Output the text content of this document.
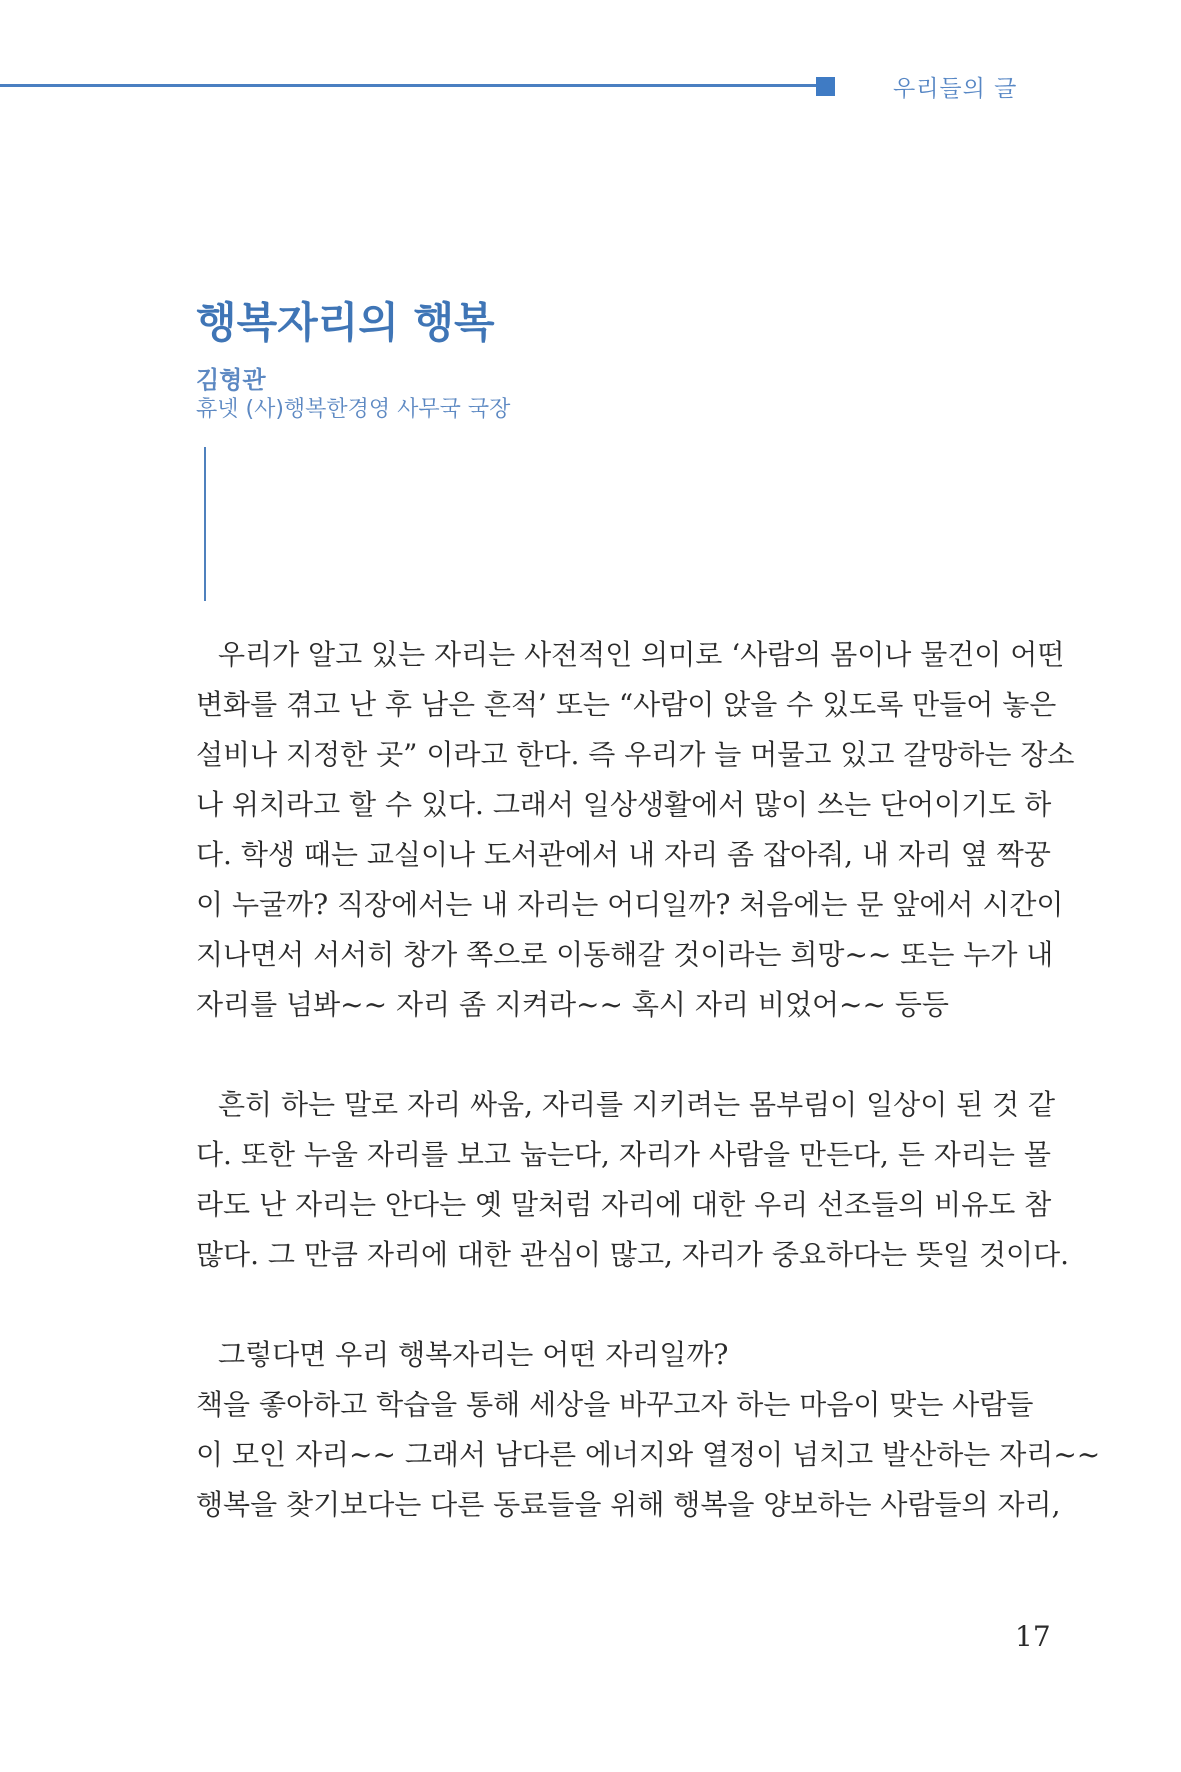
우리들의 글
행복자리의 행복
김형관
휴넷 (사)행복한경영 사무국 국장
우리가 알고 있는 자리는 사전적인 의미로 ‘사람의 몸이나 물건이 어떤
변화를 겪고 난 후 남은 흔적’ 또는 “사람이 앉을 수 있도록 만들어 놓은
설비나 지정한 곳” 이라고 한다. 즉 우리가 늘 머물고 있고 갈망하는 장소
나 위치라고 할 수 있다. 그래서 일상생활에서 많이 쓰는 단어이기도 하
다. 학생 때는 교실이나 도서관에서 내 자리 좀 잡아줘, 내 자리 옆 짝꿍
이 누굴까? 직장에서는 내 자리는 어디일까? 처음에는 문 앞에서 시간이
지나면서 서서히 창가 쪽으로 이동해갈 것이라는 희망~~ 또는 누가 내
자리를 넘봐~~ 자리 좀 지켜라~~ 혹시 자리 비었어~~ 등등
흔히 하는 말로 자리 싸움, 자리를 지키려는 몸부림이 일상이 된 것 같
다. 또한 누울 자리를 보고 눕는다, 자리가 사람을 만든다, 든 자리는 몰
라도 난 자리는 안다는 옛 말처럼 자리에 대한 우리 선조들의 비유도 참
많다. 그 만큼 자리에 대한 관심이 많고, 자리가 중요하다는 뜻일 것이다.
그렇다면 우리 행복자리는 어떤 자리일까?
책을 좋아하고 학습을 통해 세상을 바꾸고자 하는 마음이 맞는 사람들
이 모인 자리~~ 그래서 남다른 에너지와 열정이 넘치고 발산하는 자리~~
행복을 찾기보다는 다른 동료들을 위해 행복을 양보하는 사람들의 자리,
17
